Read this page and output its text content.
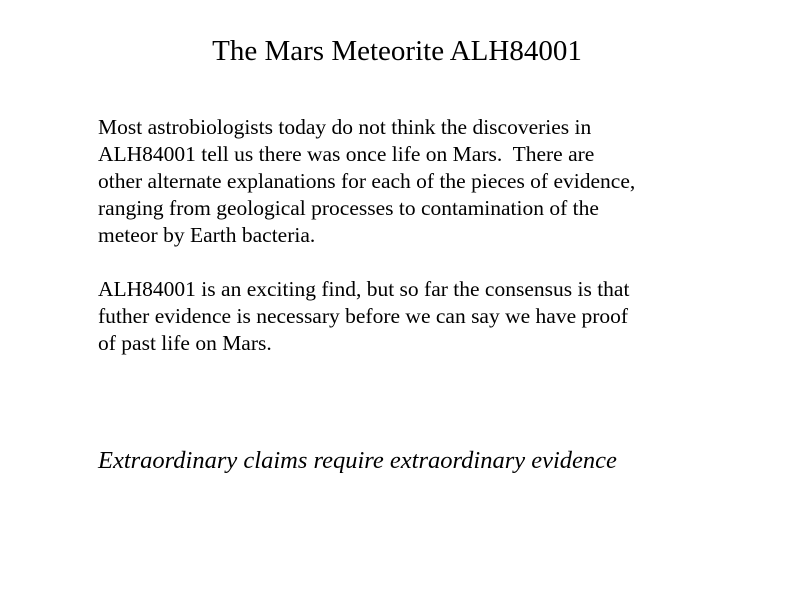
The Mars Meteorite ALH84001
Most astrobiologists today do not think the discoveries in
ALH84001 tell us there was once life on Mars.  There are
other alternate explanations for each of the pieces of evidence,
ranging from geological processes to contamination of the
meteor by Earth bacteria.
ALH84001 is an exciting find, but so far the consensus is that
futher evidence is necessary before we can say we have proof
of past life on Mars.
Extraordinary claims require extraordinary evidence
